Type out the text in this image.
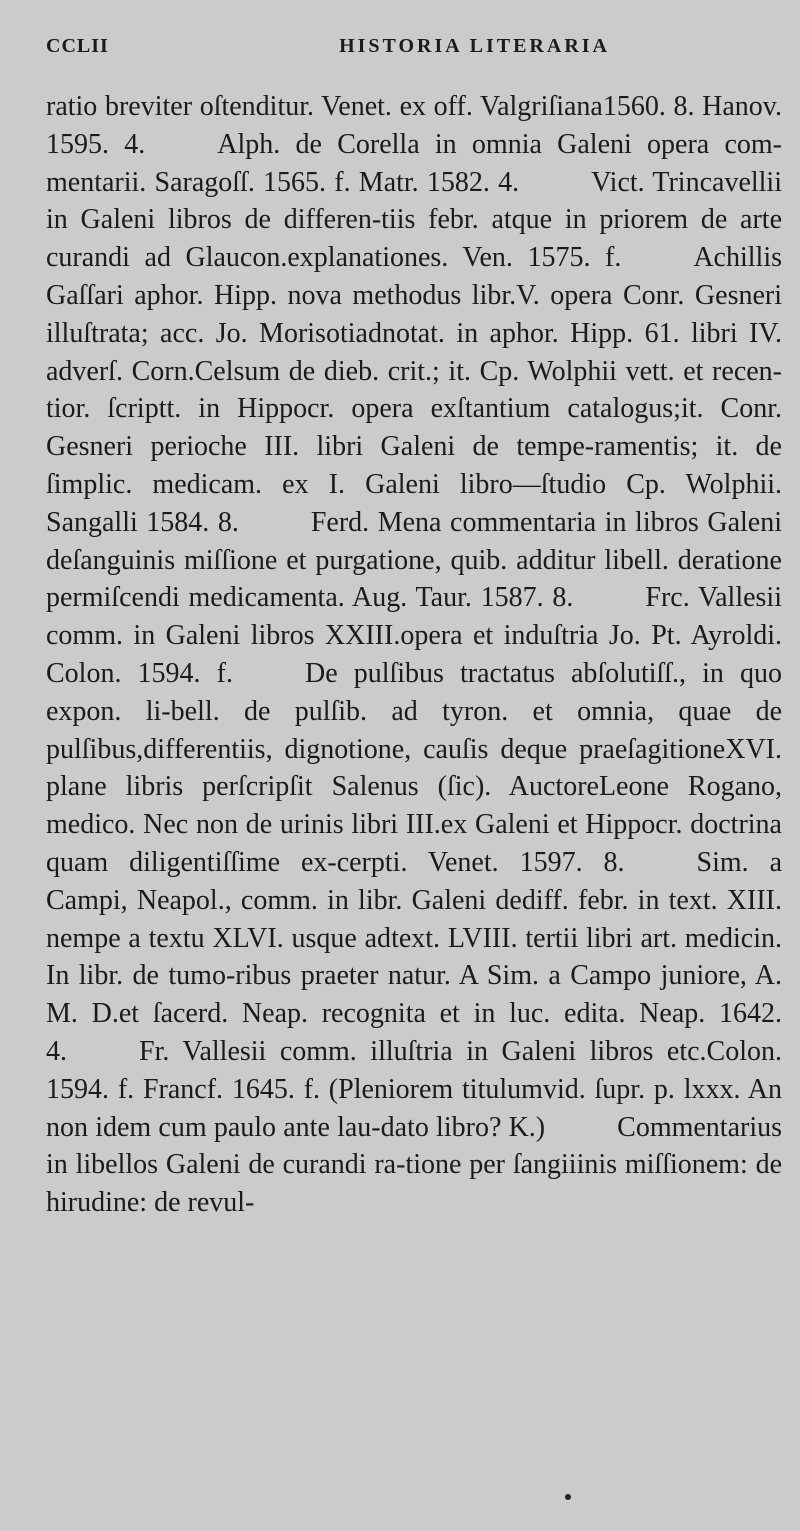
CCLII	HISTORIA LITERARIA
ratio breviter oſtenditur. Venet. ex off. Valgriſiana1560. 8. Hanov. 1595. 4.	Alph. de Corella in omnia Galeni opera com-mentarii. Saragoſſ. 1565. f. Matr. 1582. 4.	Vict. Trincavellii in Galeni libros de differen-tiis febr. atque in priorem de arte curandi ad Glaucon.explanationes. Ven. 1575. f.	Achillis Gaſſari aphor. Hipp. nova methodus libr.V. opera Conr. Gesneri illuſtrata; acc. Jo. Morisotiadnotat. in aphor. Hipp. 61. libri IV. adverſ. Corn.Celsum de dieb. crit.; it. Cp. Wolphii vett. et recen-tior. ſcriptt. in Hippocr. opera exſtantium catalogus;it. Conr. Gesneri perioche III. libri Galeni de tempe-ramentis; it. de ſimplic. medicam. ex I. Galeni libro—ſtudio Cp. Wolphii. Sangalli 1584. 8.	Ferd. Mena commentaria in libros Galeni deſanguinis miſſione et purgatione, quib. additur libell. deratione permiſcendi medicamenta. Aug. Taur. 1587. 8.	Frc. Vallesii comm. in Galeni libros XXIII.opera et induſtria Jo. Pt. Ayroldi. Colon. 1594. f.	De pulſibus tractatus abſolutiſſ., in quo expon. li-bell. de pulſib. ad tyron. et omnia, quae de pulſibus,differentiis, dignotione, cauſis deque praeſagitioneXVI. plane libris perſcripſit Salenus (ſic). AuctoreLeone Rogano, medico. Nec non de urinis libri III.ex Galeni et Hippocr. doctrina quam diligentiſſime ex-cerpti. Venet. 1597. 8.	Sim. a Campi, Neapol., comm. in libr. Galeni dediff. febr. in text. XIII. nempe a textu XLVI. usque adtext. LVIII. tertii libri art. medicin. In libr. de tumo-ribus praeter natur. A Sim. a Campo juniore, A. M. D.et ſacerd. Neap. recognita et in luc. edita. Neap. 1642. 4.	Fr. Vallesii comm. illuſtria in Galeni libros etc.Colon. 1594. f. Francf. 1645. f. (Pleniorem titulumvid. ſupr. p. lxxx. An non idem cum paulo ante lau-dato libro? K.)	Commentarius in libellos Galeni de curandi ra-tione per ſangiiinis miſſionem: de hirudine: de revul-
